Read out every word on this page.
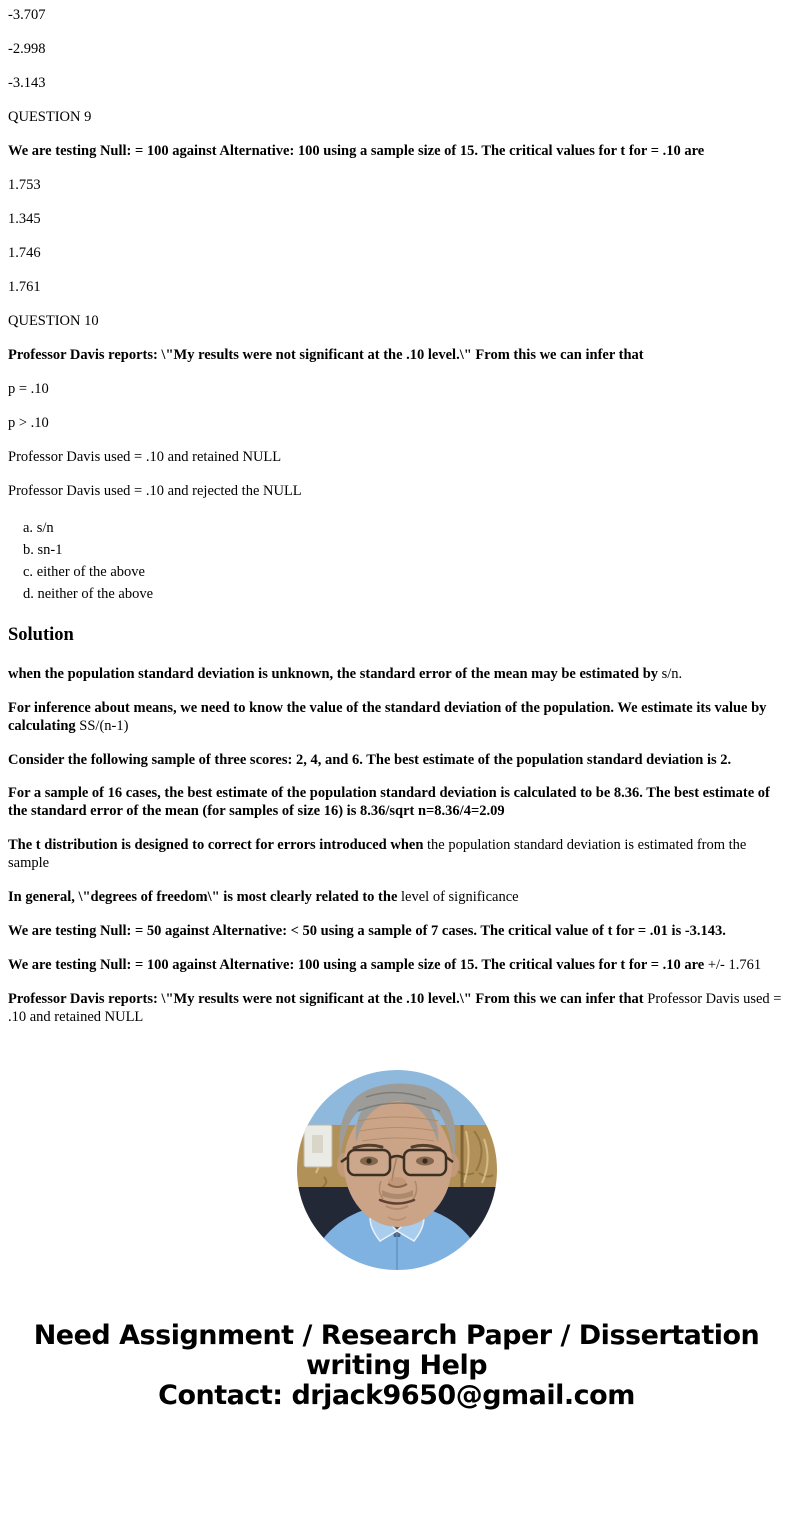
-3.707

-2.998

-3.143

QUESTION 9

We are testing Null: = 100 against Alternative: 100 using a sample size of 15. The critical values for t for = .10 are

1.753

1.345

1.746

1.761

QUESTION 10

Professor Davis reports: \"My results were not significant at the .10 level.\" From this we can infer that

p = .10

p > .10

Professor Davis used = .10 and retained NULL

Professor Davis used = .10 and rejected the NULL

a. s/n
b. sn-1
c. either of the above
d. neither of the above
Solution

when the population standard deviation is unknown, the standard error of the mean may be estimated by s/n.

For inference about means, we need to know the value of the standard deviation of the population. We estimate its value by calculating SS/(n-1)

Consider the following sample of three scores: 2, 4, and 6. The best estimate of the population standard deviation is 2.

For a sample of 16 cases, the best estimate of the population standard deviation is calculated to be 8.36. The best estimate of the standard error of the mean (for samples of size 16) is 8.36/sqrt n=8.36/4=2.09

The t distribution is designed to correct for errors introduced when the population standard deviation is estimated from the sample

In general, \"degrees of freedom\" is most clearly related to the level of significance

We are testing Null: = 50 against Alternative: < 50 using a sample of 7 cases. The critical value of t for = .01 is -3.143.

We are testing Null: = 100 against Alternative: 100 using a sample size of 15. The critical values for t for = .10 are +/- 1.761

Professor Davis reports: \"My results were not significant at the .10 level.\" From this we can infer that Professor Davis used = .10 and retained NULL

Need Assignment / Research Paper / Dissertation
writing Help
Contact: drjack9650@gmail.com
